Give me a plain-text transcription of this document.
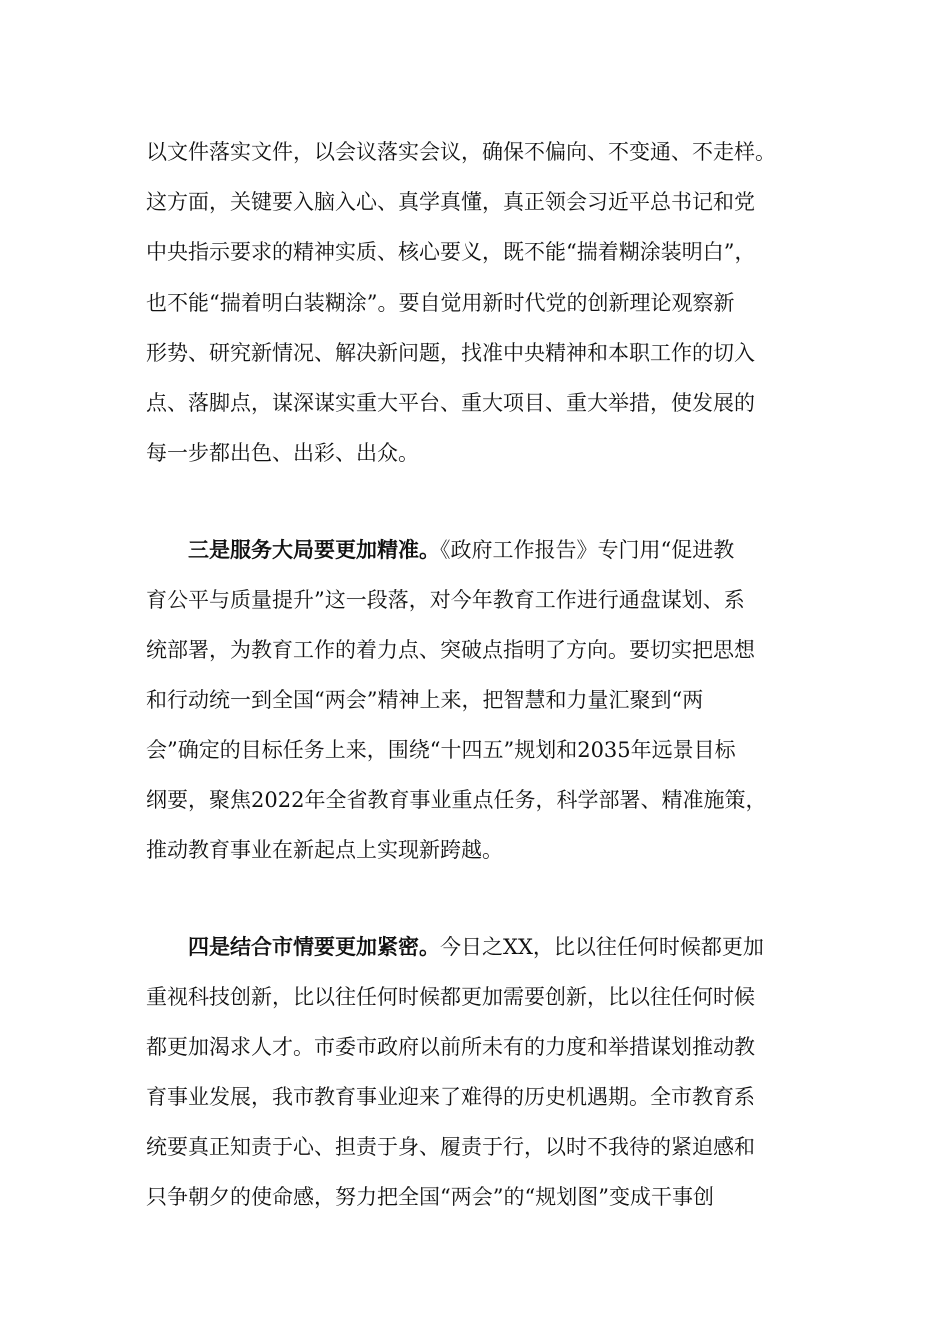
以文件落实文件，以会议落实会议，确保不偏向、不变通、不走样。
这方面，关键要入脑入心、真学真懂，真正领会习近平总书记和党
中央指示要求的精神实质、核心要义，既不能“揣着糊涂装明白”，
也不能“揣着明白装糊涂”。要自觉用新时代党的创新理论观察新
形势、研究新情况、解决新问题，找准中央精神和本职工作的切入
点、落脚点，谋深谋实重大平台、重大项目、重大举措，使发展的
每一步都出色、出彩、出众。
三是服务大局要更加精准。《政府工作报告》专门用“促进教
育公平与质量提升”这一段落，对今年教育工作进行通盘谋划、系
统部署，为教育工作的着力点、突破点指明了方向。要切实把思想
和行动统一到全国“两会”精神上来，把智慧和力量汇聚到“两
会”确定的目标任务上来，围绕“十四五”规划和2035年远景目标
纲要，聚焦2022年全省教育事业重点任务，科学部署、精准施策，
推动教育事业在新起点上实现新跨越。
四是结合市情要更加紧密。今日之XX，比以往任何时候都更加
重视科技创新，比以往任何时候都更加需要创新，比以往任何时候
都更加渴求人才。市委市政府以前所未有的力度和举措谋划推动教
育事业发展，我市教育事业迎来了难得的历史机遇期。全市教育系
统要真正知责于心、担责于身、履责于行，以时不我待的紧迫感和
只争朝夕的使命感，努力把全国“两会”的“规划图”变成干事创
